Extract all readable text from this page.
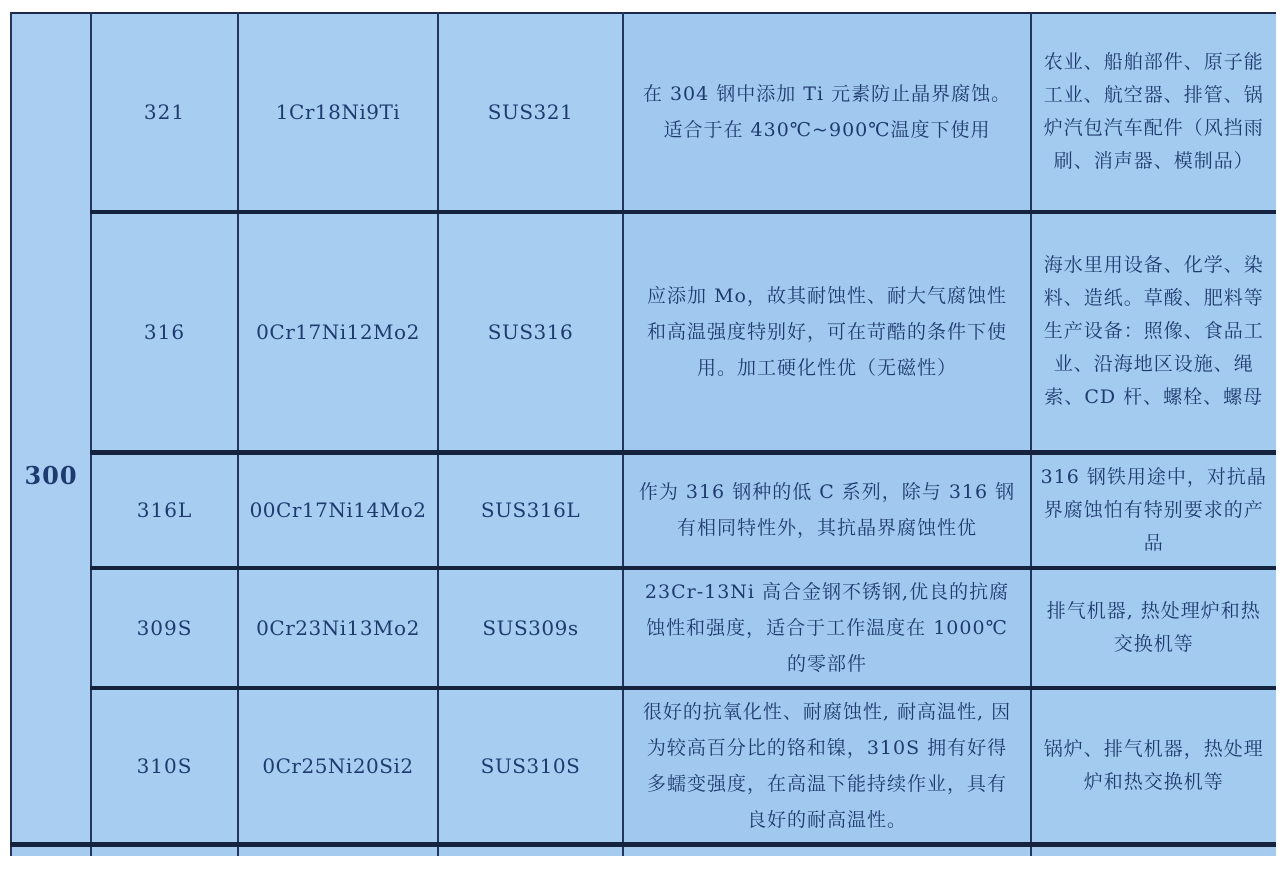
300	321	1Cr18Ni9Ti	SUS321	在 304 钢中添加 Ti 元素防止晶界腐蚀。适合于在 430℃~900℃温度下使用	农业、船舶部件、原子能工业、航空器、排管、锅炉汽包汽车配件（风挡雨刷、消声器、模制品）
	316	0Cr17Ni12Mo2	SUS316	应添加 Mo，故其耐蚀性、耐大气腐蚀性和高温强度特别好，可在苛酷的条件下使用。加工硬化性优（无磁性）	海水里用设备、化学、染料、造纸。草酸、肥料等生产设备：照像、食品工业、沿海地区设施、绳索、CD 杆、螺栓、螺母
	316L	00Cr17Ni14Mo2	SUS316L	作为 316 钢种的低 C 系列，除与 316 钢有相同特性外，其抗晶界腐蚀性优	316 钢铁用途中，对抗晶界腐蚀怕有特别要求的产品
	309S	0Cr23Ni13Mo2	SUS309s	23Cr-13Ni 高合金钢不锈钢,优良的抗腐蚀性和强度，适合于工作温度在 1000℃的零部件	排气机器, 热处理炉和热交换机等
	310S	0Cr25Ni20Si2	SUS310S	很好的抗氧化性、耐腐蚀性, 耐高温性, 因为较高百分比的铬和镍，310S 拥有好得多蠕变强度，在高温下能持续作业，具有良好的耐高温性。	锅炉、排气机器，热处理炉和热交换机等
